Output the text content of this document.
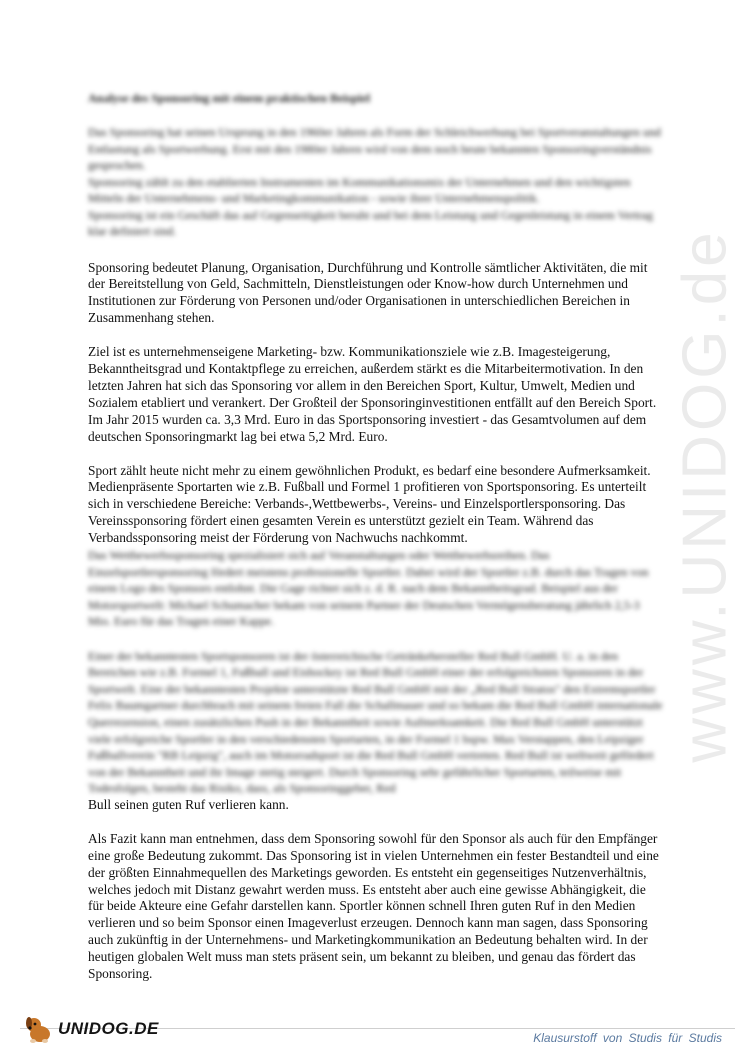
www.UNIDOG.de
Analyse des Sponsoring mit einem praktischen Beispiel

Das Sponsoring hat seinen Ursprung in den 1960er Jahren als Form der Schleichwerbung bei Sportveranstaltungen und Entlastung als Sportwerbung. Erst mit den 1980er Jahren wird von dem noch heute bekannten Sponsoringverständnis gesprochen.

Sponsoring zählt zu den etablierten Instrumenten im Kommunikationsmix der Unternehmen und den wichtigsten Mitteln der Unternehmens- und Marketingkommunikation - sowie ihrer Unternehmenspolitik.

Sponsoring ist ein Geschäft das auf Gegenseitigkeit beruht und bei dem Leistung und Gegenleistung in einem Vertrag klar definiert sind.

Sponsoring bedeutet Planung, Organisation, Durchführung und Kontrolle sämtlicher Aktivitäten, die mit der Bereitstellung von Geld, Sachmitteln, Dienstleistungen oder Know-how durch Unternehmen und Institutionen zur Förderung von Personen und/oder Organisationen in unterschiedlichen Bereichen in Zusammenhang stehen.

Ziel ist es unternehmenseigene Marketing- bzw. Kommunikationsziele wie z.B. Imagesteigerung, Bekanntheitsgrad und Kontaktpflege zu erreichen, außerdem stärkt es die Mitarbeitermotivation. In den letzten Jahren hat sich das Sponsoring vor allem in den Bereichen Sport, Kultur, Umwelt, Medien und Sozialem etabliert und verankert. Der Großteil der Sponsoringinvestitionen entfällt auf den Bereich Sport. Im Jahr 2015 wurden ca. 3,3 Mrd. Euro in das Sportsponsoring investiert - das Gesamtvolumen auf dem deutschen Sponsoringmarkt lag bei etwa 5,2 Mrd. Euro.

Sport zählt heute nicht mehr zu einem gewöhnlichen Produkt, es bedarf eine besondere Aufmerksamkeit. Medienpräsente Sportarten wie z.B. Fußball und Formel 1 profitieren von Sportsponsoring. Es unterteilt sich in verschiedene Bereiche: Verbands-,Wettbewerbs-, Vereins- und Einzelsportlersponsoring. Das Vereinssponsoring fördert einen gesamten Verein es unterstützt gezielt ein Team. Während das Verbandssponsoring meist der Förderung von Nachwuchs nachkommt.

Das Wettbewerbssponsoring spezialisiert sich auf Veranstaltungen oder Wettbewerbsreihen. Das Einzelsportlersponsoring fördert meistens professionelle Sportler. Dabei wird der Sportler z.B. durch das Tragen von einem Logo des Sponsors entlohnt. Die Gage richtet sich z. d. R. nach dem Bekanntheitsgrad. Beispiel aus der Motorsportwelt: Michael Schumacher bekam von seinem Partner der Deutschen Vermögensberatung jährlich 2,5-3 Mio. Euro für das Tragen einer Kappe.

Einer der bekanntesten Sportsponsoren ist der österreichische Getränkehersteller Red Bull GmbH. U. a. in den Bereichen wie z.B. Formel 1, Fußball und Eishockey ist Red Bull GmbH einer der erfolgreichsten Sponsoren in der Sportwelt. Eine der bekanntesten Projekte unterstützte Red Bull GmbH mit der „Red Bull Stratos" den Extremsportler Felix Baumgartner durchbrach mit seinem freien Fall die Schallmauer und so bekam die Red Bull GmbH internationale Querrezension, einen zusätzlichen Push in der Bekanntheit sowie Aufmerksamkeit. Die Red Bull GmbH unterstützt viele erfolgreiche Sportler in den verschiedensten Sportarten, in der Formel 1 bspw. Max Verstappen, den Leipziger Fußballverein "RB Leipzig", auch im Motorradsport ist die Red Bull GmbH vertreten. Red Bull ist weltweit gefördert von der Bekanntheit und ihr Image stetig steigert. Durch Sponsoring sehr gefährlicher Sportarten, teilweise mit Todesfolgen, besteht das Risiko, dass, als Sponsoringgeber, Red

Bull seinen guten Ruf verlieren kann.

Als Fazit kann man entnehmen, dass dem Sponsoring sowohl für den Sponsor als auch für den Empfänger eine große Bedeutung zukommt. Das Sponsoring ist in vielen Unternehmen ein fester Bestandteil und eine der größten Einnahmequellen des Marketings geworden. Es entsteht ein gegenseitiges Nutzenverhältnis, welches jedoch mit Distanz gewahrt werden muss. Es entsteht aber auch eine gewisse Abhängigkeit, die für beide Akteure eine Gefahr darstellen kann. Sportler können schnell Ihren guten Ruf in den Medien verlieren und so beim Sponsor einen Imageverlust erzeugen. Dennoch kann man sagen, dass Sponsoring auch zukünftig in der Unternehmens- und Marketingkommunikation an Bedeutung behalten wird. In der heutigen globalen Welt muss man stets präsent sein, um bekannt zu bleiben, und genau das fördert das Sponsoring.

UNIDOG.DE	Klausurstoff von Studis für Studis
